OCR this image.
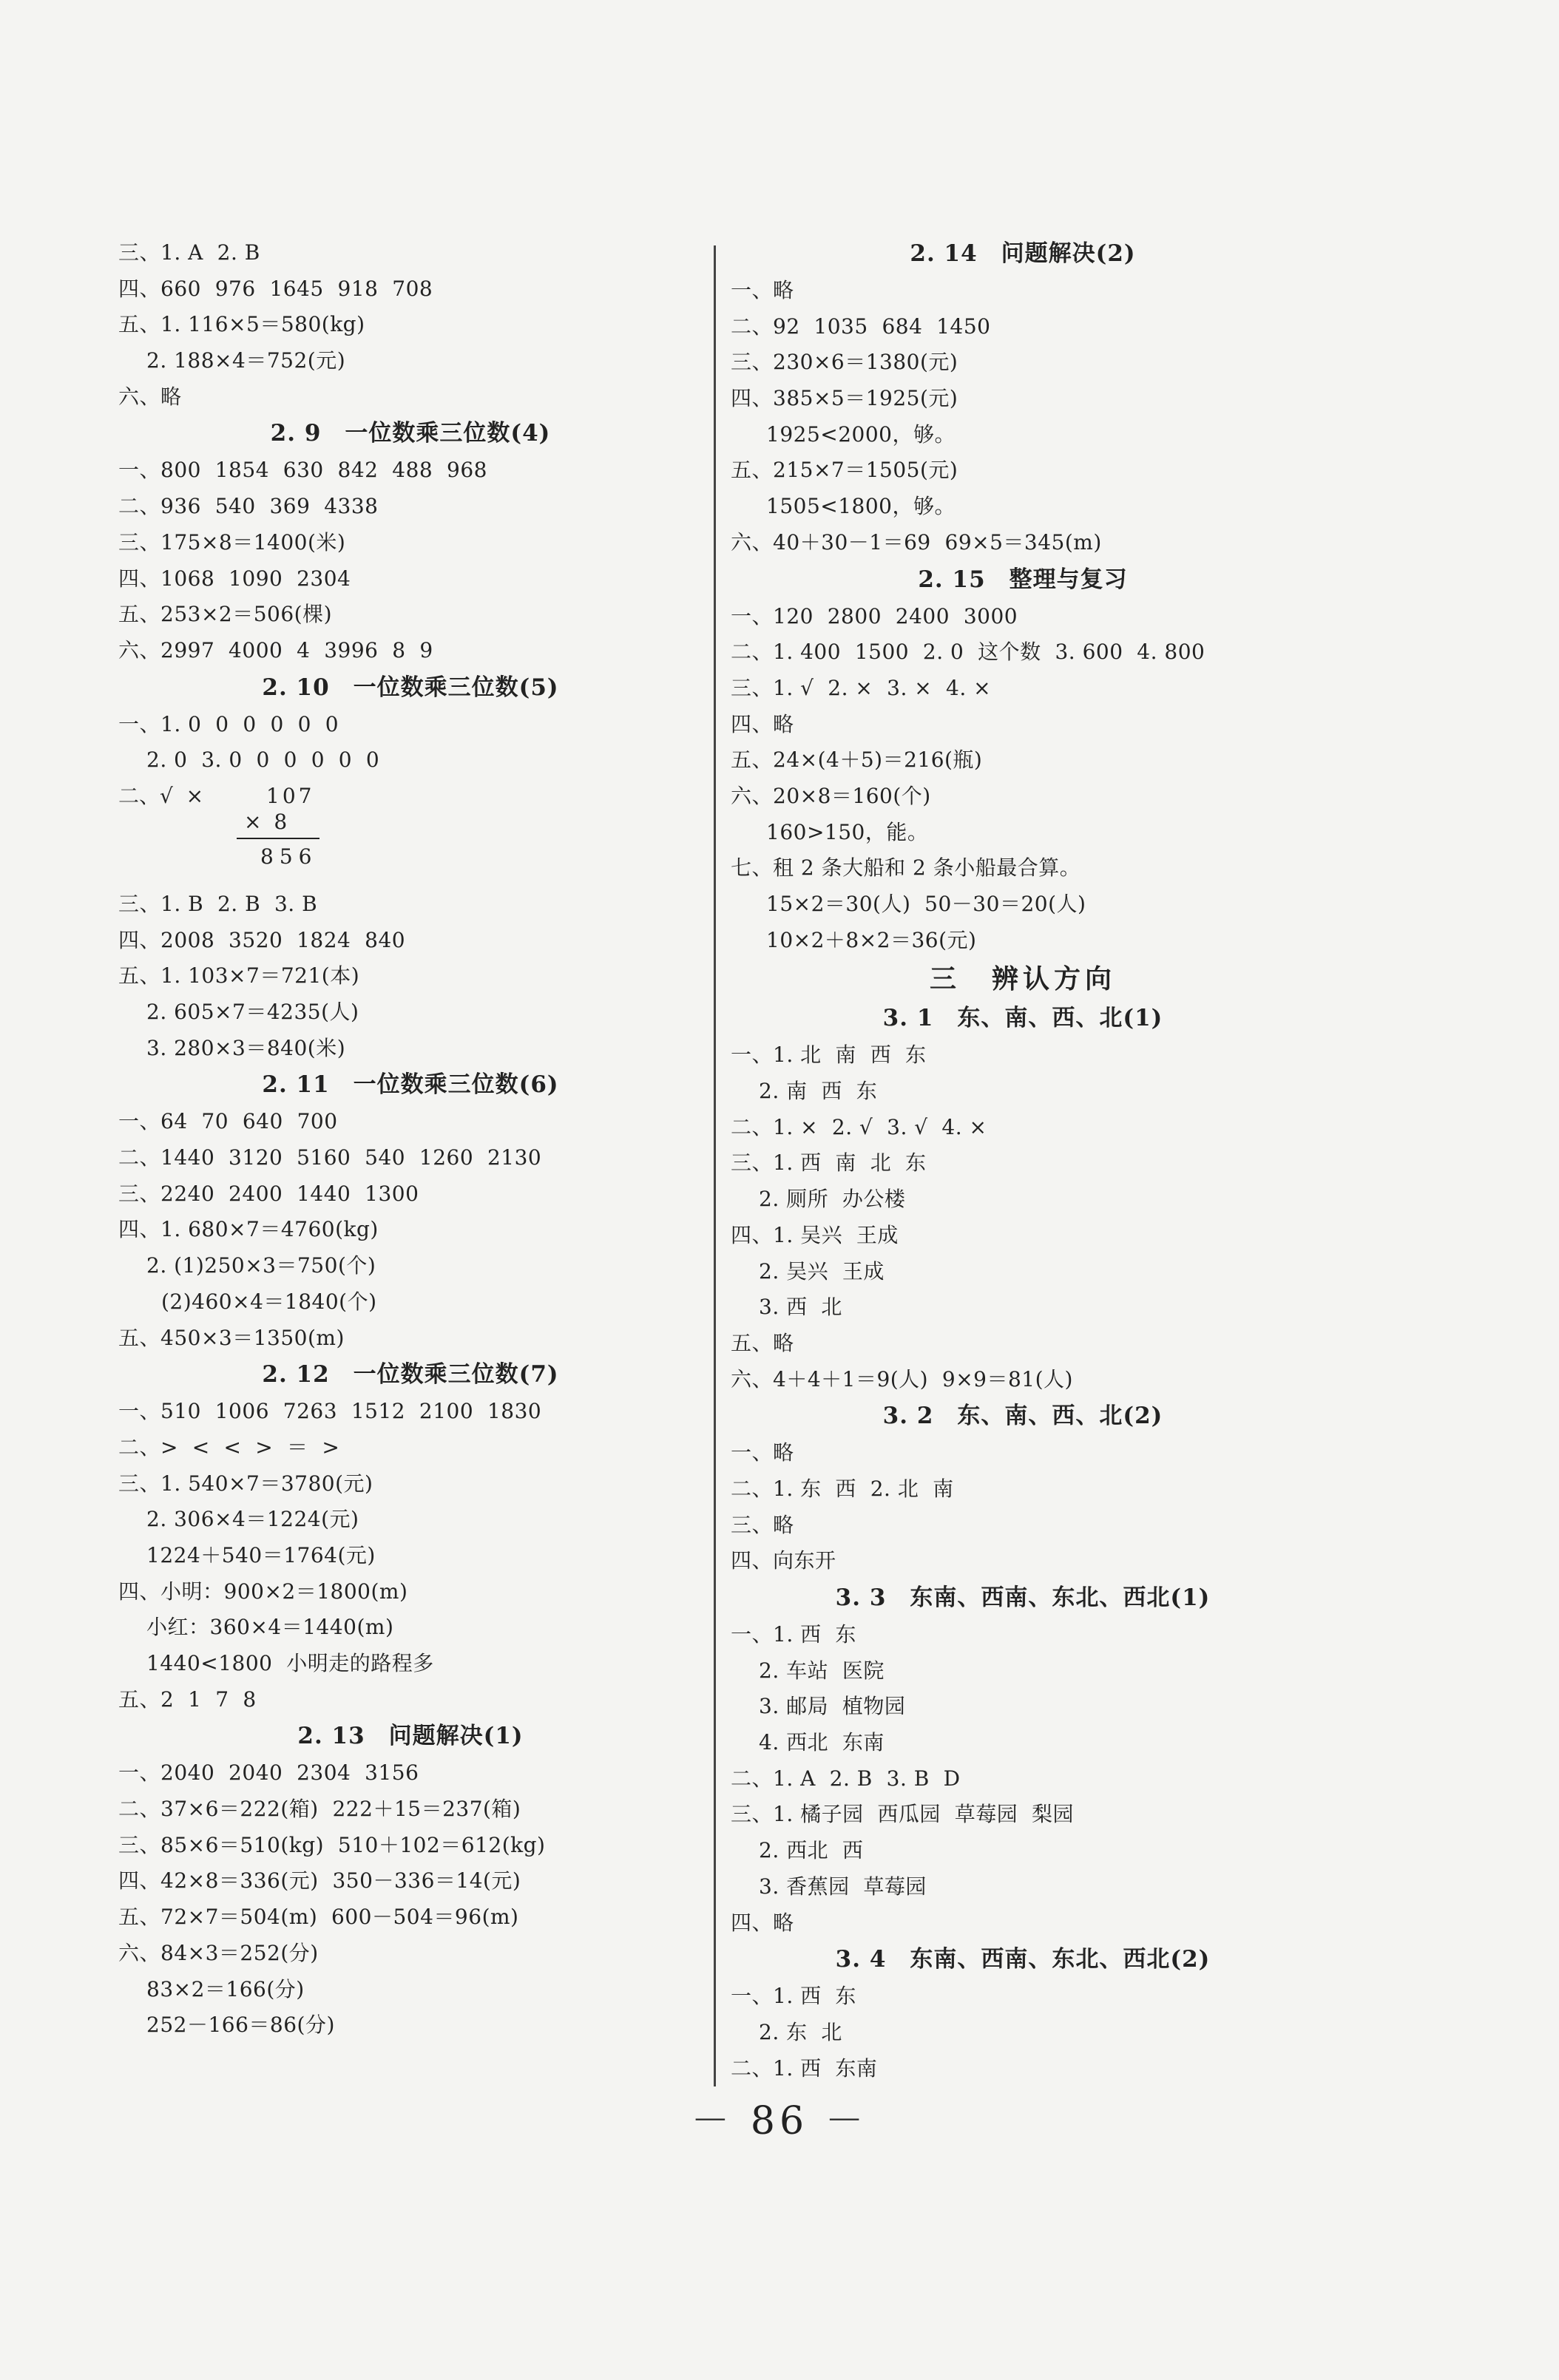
三、1. A  2. B
四、660  976  1645  918  708
五、1. 116×5＝580(kg)
2. 188×4＝752(元)
六、略
2. 9　一位数乘三位数(4)
一、800  1854  630  842  488  968
二、936  540  369  4338
三、175×8＝1400(米)
四、1068  1090  2304
五、253×2＝506(棵)
六、2997  4000  4  3996  8  9
2. 10　一位数乘三位数(5)
一、1. 0  0  0  0  0  0
2. 0  3. 0  0  0  0  0  0
二、√  ×	107
× 8
856
三、1. B  2. B  3. B
四、2008  3520  1824  840
五、1. 103×7＝721(本)
2. 605×7＝4235(人)
3. 280×3＝840(米)
2. 11　一位数乘三位数(6)
一、64  70  640  700
二、1440  3120  5160  540  1260  2130
三、2240  2400  1440  1300
四、1. 680×7＝4760(kg)
2. (1)250×3＝750(个)
(2)460×4＝1840(个)
五、450×3＝1350(m)
2. 12　一位数乘三位数(7)
一、510  1006  7263  1512  2100  1830
二、>  <  <  >  ＝  >
三、1. 540×7＝3780(元)
2. 306×4＝1224(元)
1224＋540＝1764(元)
四、小明：900×2＝1800(m)
小红：360×4＝1440(m)
1440<1800  小明走的路程多
五、2  1  7  8
2. 13　问题解决(1)
一、2040  2040  2304  3156
二、37×6＝222(箱)  222＋15＝237(箱)
三、85×6＝510(kg)  510＋102＝612(kg)
四、42×8＝336(元)  350－336＝14(元)
五、72×7＝504(m)  600－504＝96(m)
六、84×3＝252(分)
83×2＝166(分)
252－166＝86(分)
2. 14　问题解决(2)
一、略
二、92  1035  684  1450
三、230×6＝1380(元)
四、385×5＝1925(元)
1925<2000，够。
五、215×7＝1505(元)
1505<1800，够。
六、40＋30－1＝69  69×5＝345(m)
2. 15　整理与复习
一、120  2800  2400  3000
二、1. 400  1500  2. 0  这个数  3. 600  4. 800
三、1. √  2. ×  3. ×  4. ×
四、略
五、24×(4＋5)＝216(瓶)
六、20×8＝160(个)
160>150，能。
七、租 2 条大船和 2 条小船最合算。
15×2＝30(人)  50－30＝20(人)
10×2＋8×2＝36(元)
三　辨认方向
3. 1　东、南、西、北(1)
一、1. 北  南  西  东
2. 南  西  东
二、1. ×  2. √  3. √  4. ×
三、1. 西  南  北  东
2. 厕所  办公楼
四、1. 吴兴  王成
2. 吴兴  王成
3. 西  北
五、略
六、4＋4＋1＝9(人)  9×9＝81(人)
3. 2　东、南、西、北(2)
一、略
二、1. 东  西  2. 北  南
三、略
四、向东开
3. 3　东南、西南、东北、西北(1)
一、1. 西  东
2. 车站  医院
3. 邮局  植物园
4. 西北  东南
二、1. A  2. B  3. B  D
三、1. 橘子园  西瓜园  草莓园  梨园
2. 西北  西
3. 香蕉园  草莓园
四、略
3. 4　东南、西南、东北、西北(2)
一、1. 西  东
2. 东  北
二、1. 西  东南
－ 86 －
